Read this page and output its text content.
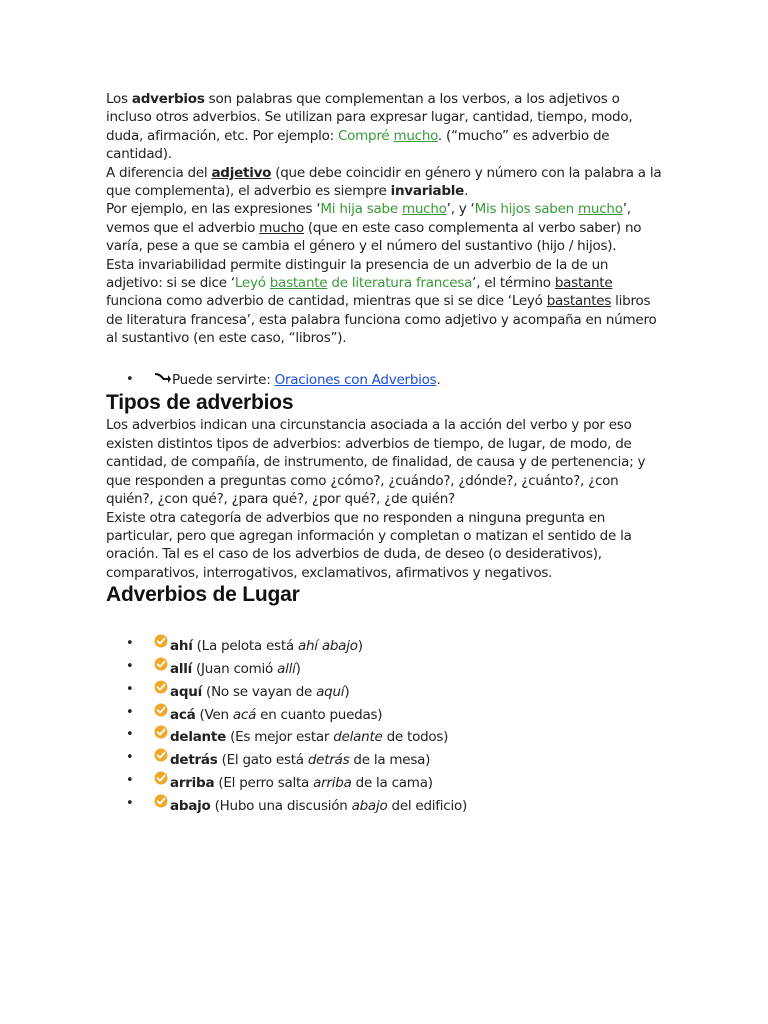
Los adverbios son palabras que complementan a los verbos, a los adjetivos o incluso otros adverbios. Se utilizan para expresar lugar, cantidad, tiempo, modo, duda, afirmación, etc. Por ejemplo: Compré mucho. (“mucho” es adverbio de cantidad).

A diferencia del adjetivo (que debe coincidir en género y número con la palabra a la que complementa), el adverbio es siempre invariable.

Por ejemplo, en las expresiones ‘Mi hija sabe mucho’, y ‘Mis hijos saben mucho’, vemos que el adverbio mucho (que en este caso complementa al verbo saber) no varía, pese a que se cambia el género y el número del sustantivo (hijo / hijos).

Esta invariabilidad permite distinguir la presencia de un adverbio de la de un adjetivo: si se dice ‘Leyó bastante de literatura francesa’, el término bastante funciona como adverbio de cantidad, mientras que si se dice ‘Leyó bastantes libros de literatura francesa’, esta palabra funciona como adjetivo y acompaña en número al sustantivo (en este caso, “libros”).

•	Puede servirte: Oraciones con Adverbios.
Tipos de adverbios

Los adverbios indican una circunstancia asociada a la acción del verbo y por eso existen distintos tipos de adverbios: adverbios de tiempo, de lugar, de modo, de cantidad, de compañía, de instrumento, de finalidad, de causa y de pertenencia; y que responden a preguntas como ¿cómo?, ¿cuándo?, ¿dónde?, ¿cuánto?, ¿con quién?, ¿con qué?, ¿para qué?, ¿por qué?, ¿de quién?

Existe otra categoría de adverbios que no responden a ninguna pregunta en particular, pero que agregan información y completan o matizan el sentido de la oración. Tal es el caso de los adverbios de duda, de deseo (o desiderativos), comparativos, interrogativos, exclamativos, afirmativos y negativos.

Adverbios de Lugar
•	ahí (La pelota está ahí abajo)
•	allí (Juan comió allí)
•	aquí (No se vayan de aquí)
•	acá (Ven acá en cuanto puedas)
•	delante (Es mejor estar delante de todos)
•	detrás (El gato está detrás de la mesa)
•	arriba (El perro salta arriba de la cama)
•	abajo (Hubo una discusión abajo del edificio)
